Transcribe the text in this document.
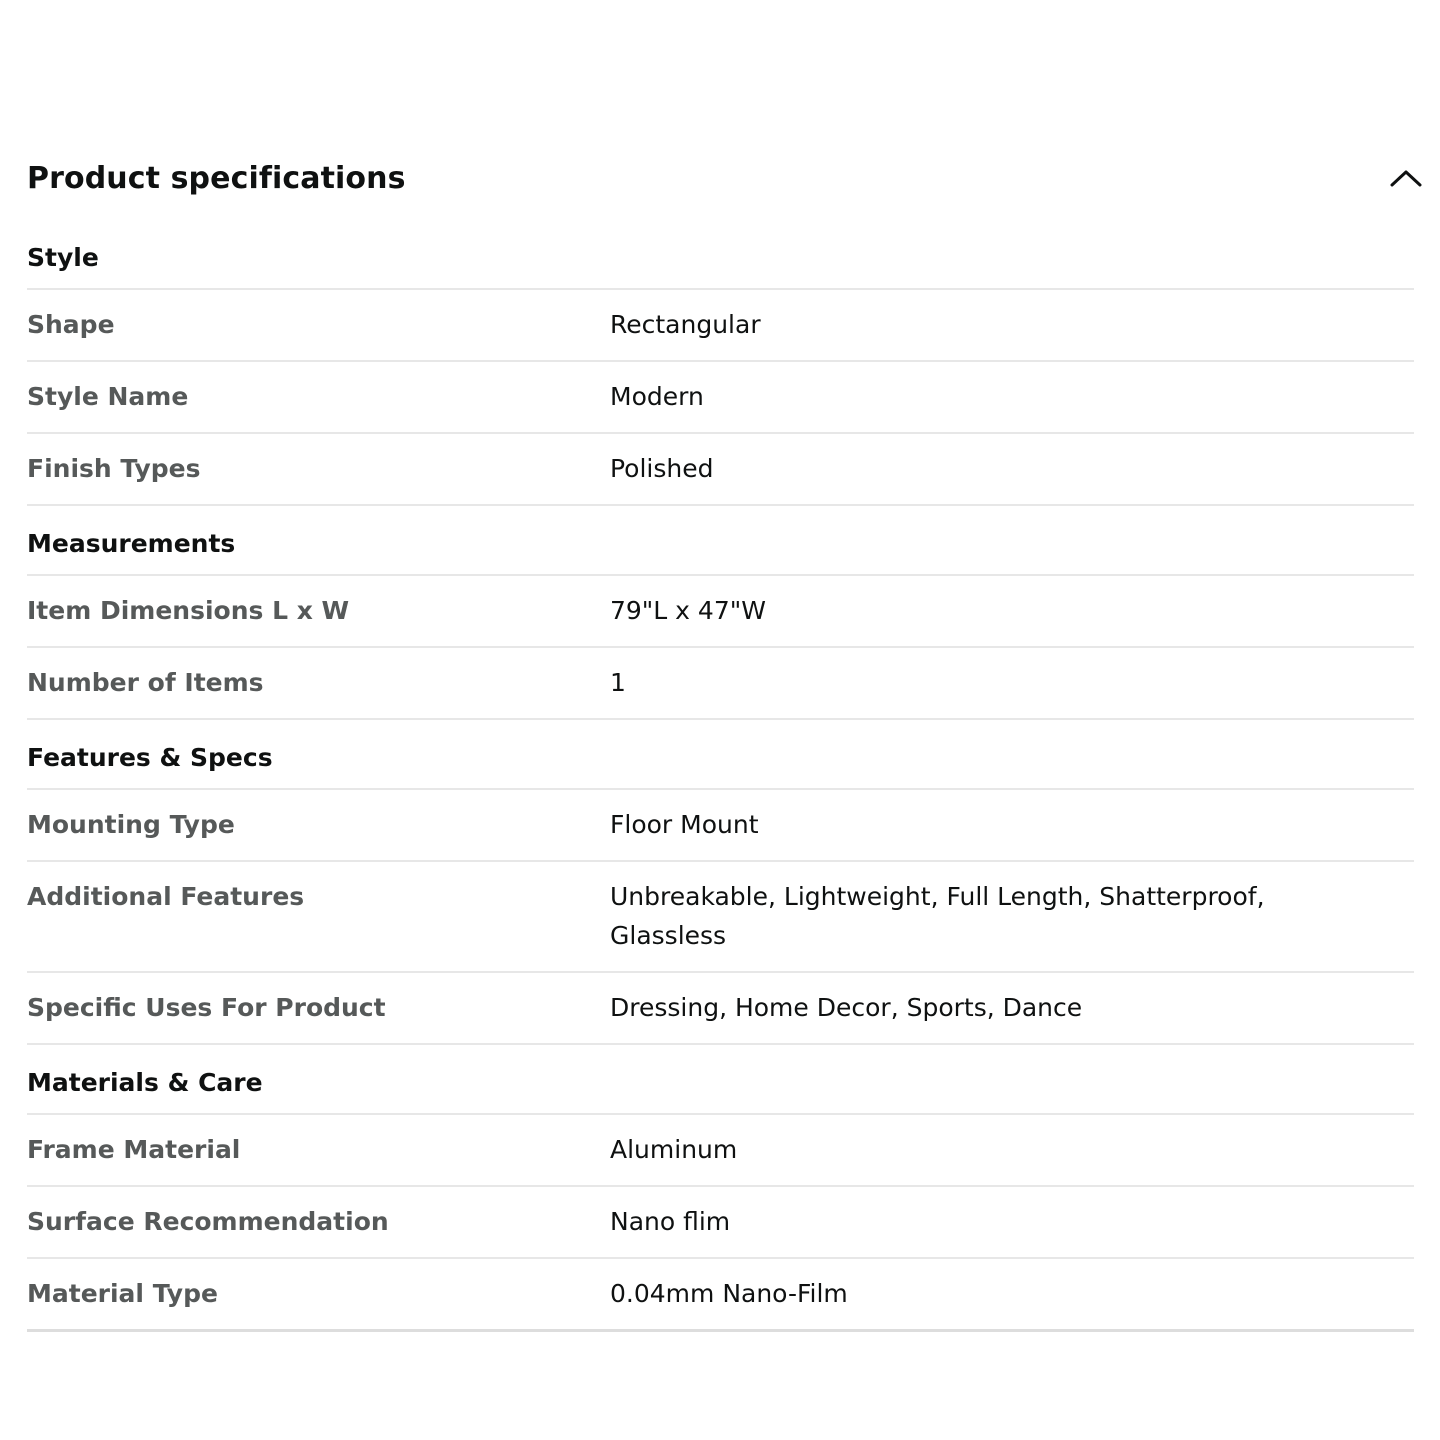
Product specifications
Style
Shape	Rectangular
Style Name	Modern
Finish Types	Polished
Measurements
Item Dimensions L x W	79"L x 47"W
Number of Items	1
Features & Specs
Mounting Type	Floor Mount
Additional Features	Unbreakable, Lightweight, Full Length, Shatterproof, Glassless
Specific Uses For Product	Dressing, Home Decor, Sports, Dance
Materials & Care
Frame Material	Aluminum
Surface Recommendation	Nano flim
Material Type	0.04mm Nano-Film
